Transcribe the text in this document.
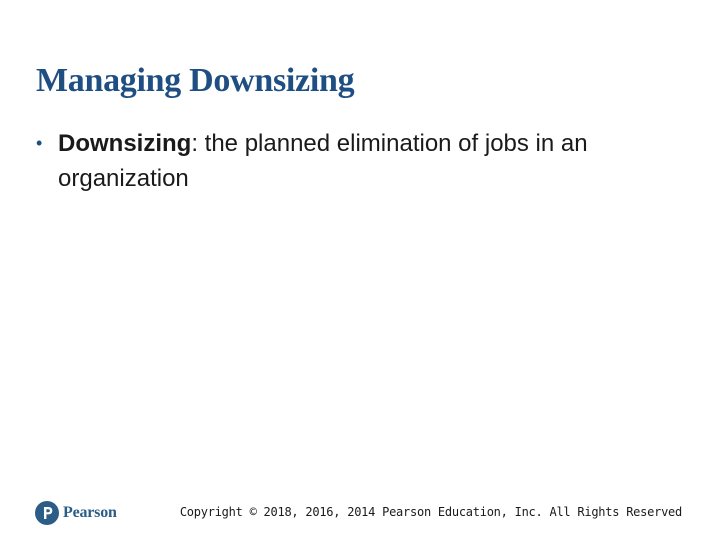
Managing Downsizing
• Downsizing: the planned elimination of jobs in an organization
Pearson	Copyright © 2018, 2016, 2014 Pearson Education, Inc. All Rights Reserved
